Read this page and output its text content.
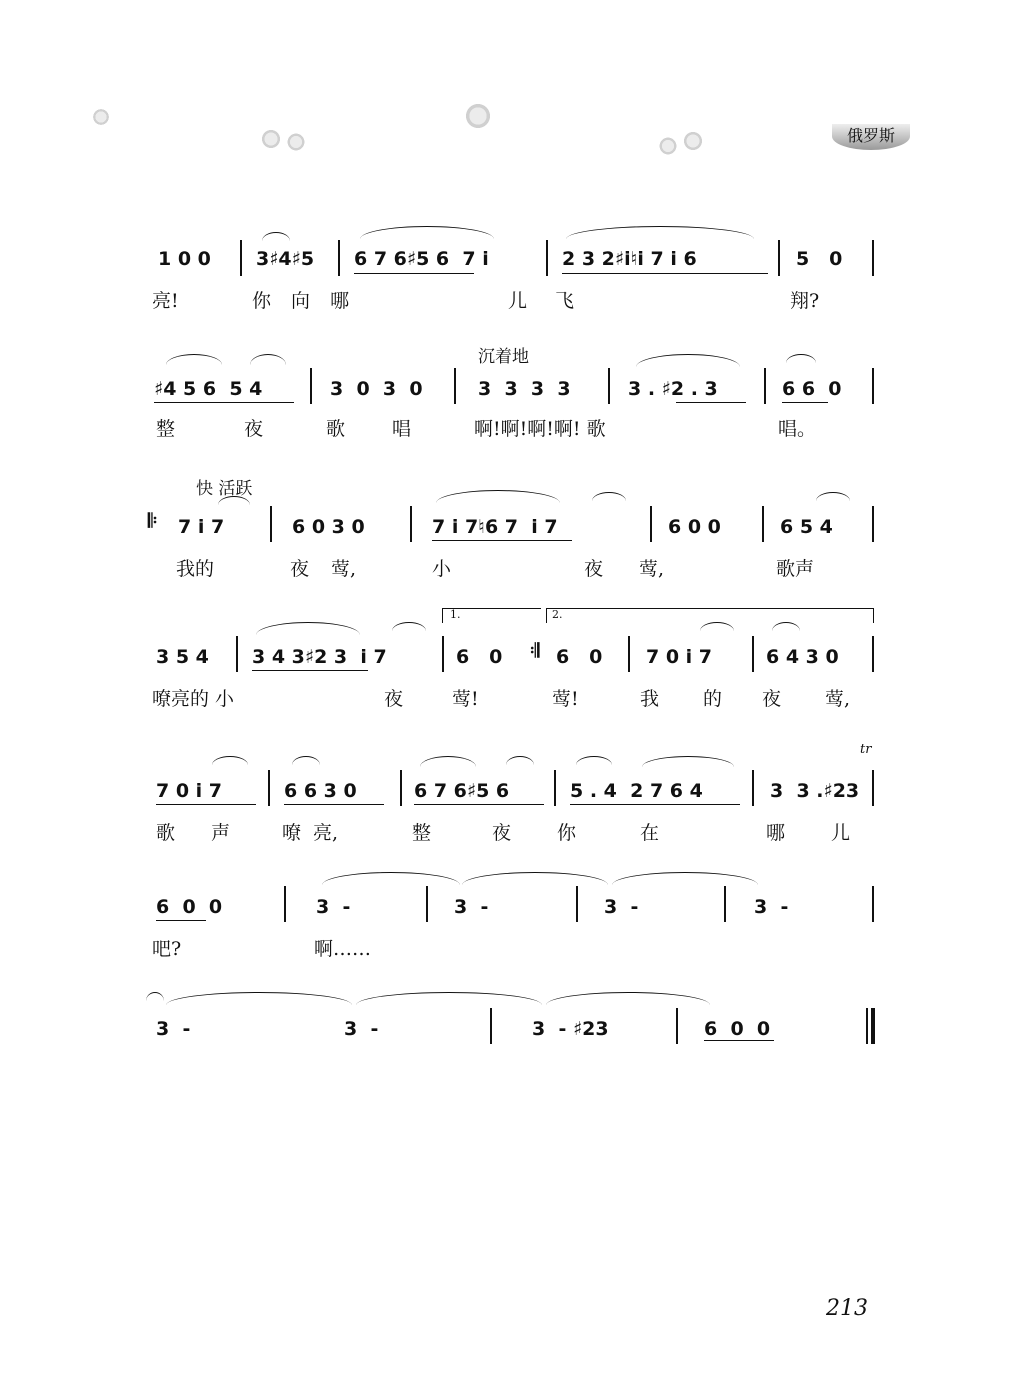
俄罗斯
1 0 0 3♯4♯5 6 7 6♯5 6  7 i	2 3 2♯i♮i 7 i 6	5   0
亮!	你 向 哪	儿 飞	翔?
沉着地
♯4 5 6  5 4	3  0  3  0	3  3  3  3	3 . ♯2 . 3	6 6  0
整	夜	歌 唱	啊!啊!啊!啊! 歌	唱。
快 活跃
𝄆 7 i 7	6 0 3 0	7 i 7♮6 7  i 7	6 0 0	6 5 4
我的	夜 莺,	小	夜 莺,	歌声
1.	2.
3 5 4 3 4 3♯2 3  i 7	6   0 𝄇 6   0 7 0 i 7	6 4 3 0
嘹亮的 小	夜	莺!	莺!	我 的 夜 莺,
tr
7 0 i 7	6 6 3 0	6 7 6♯5 6	5 . 4  2 7 6 4	3  3 .♯23
歌 声	嘹 亮,	整	夜 你	在	哪 儿
6  0  0	3  -	3  -	3  -	3  -
吧?	啊……
3  -	3  -	3  - ♯23	6  0  0
213
